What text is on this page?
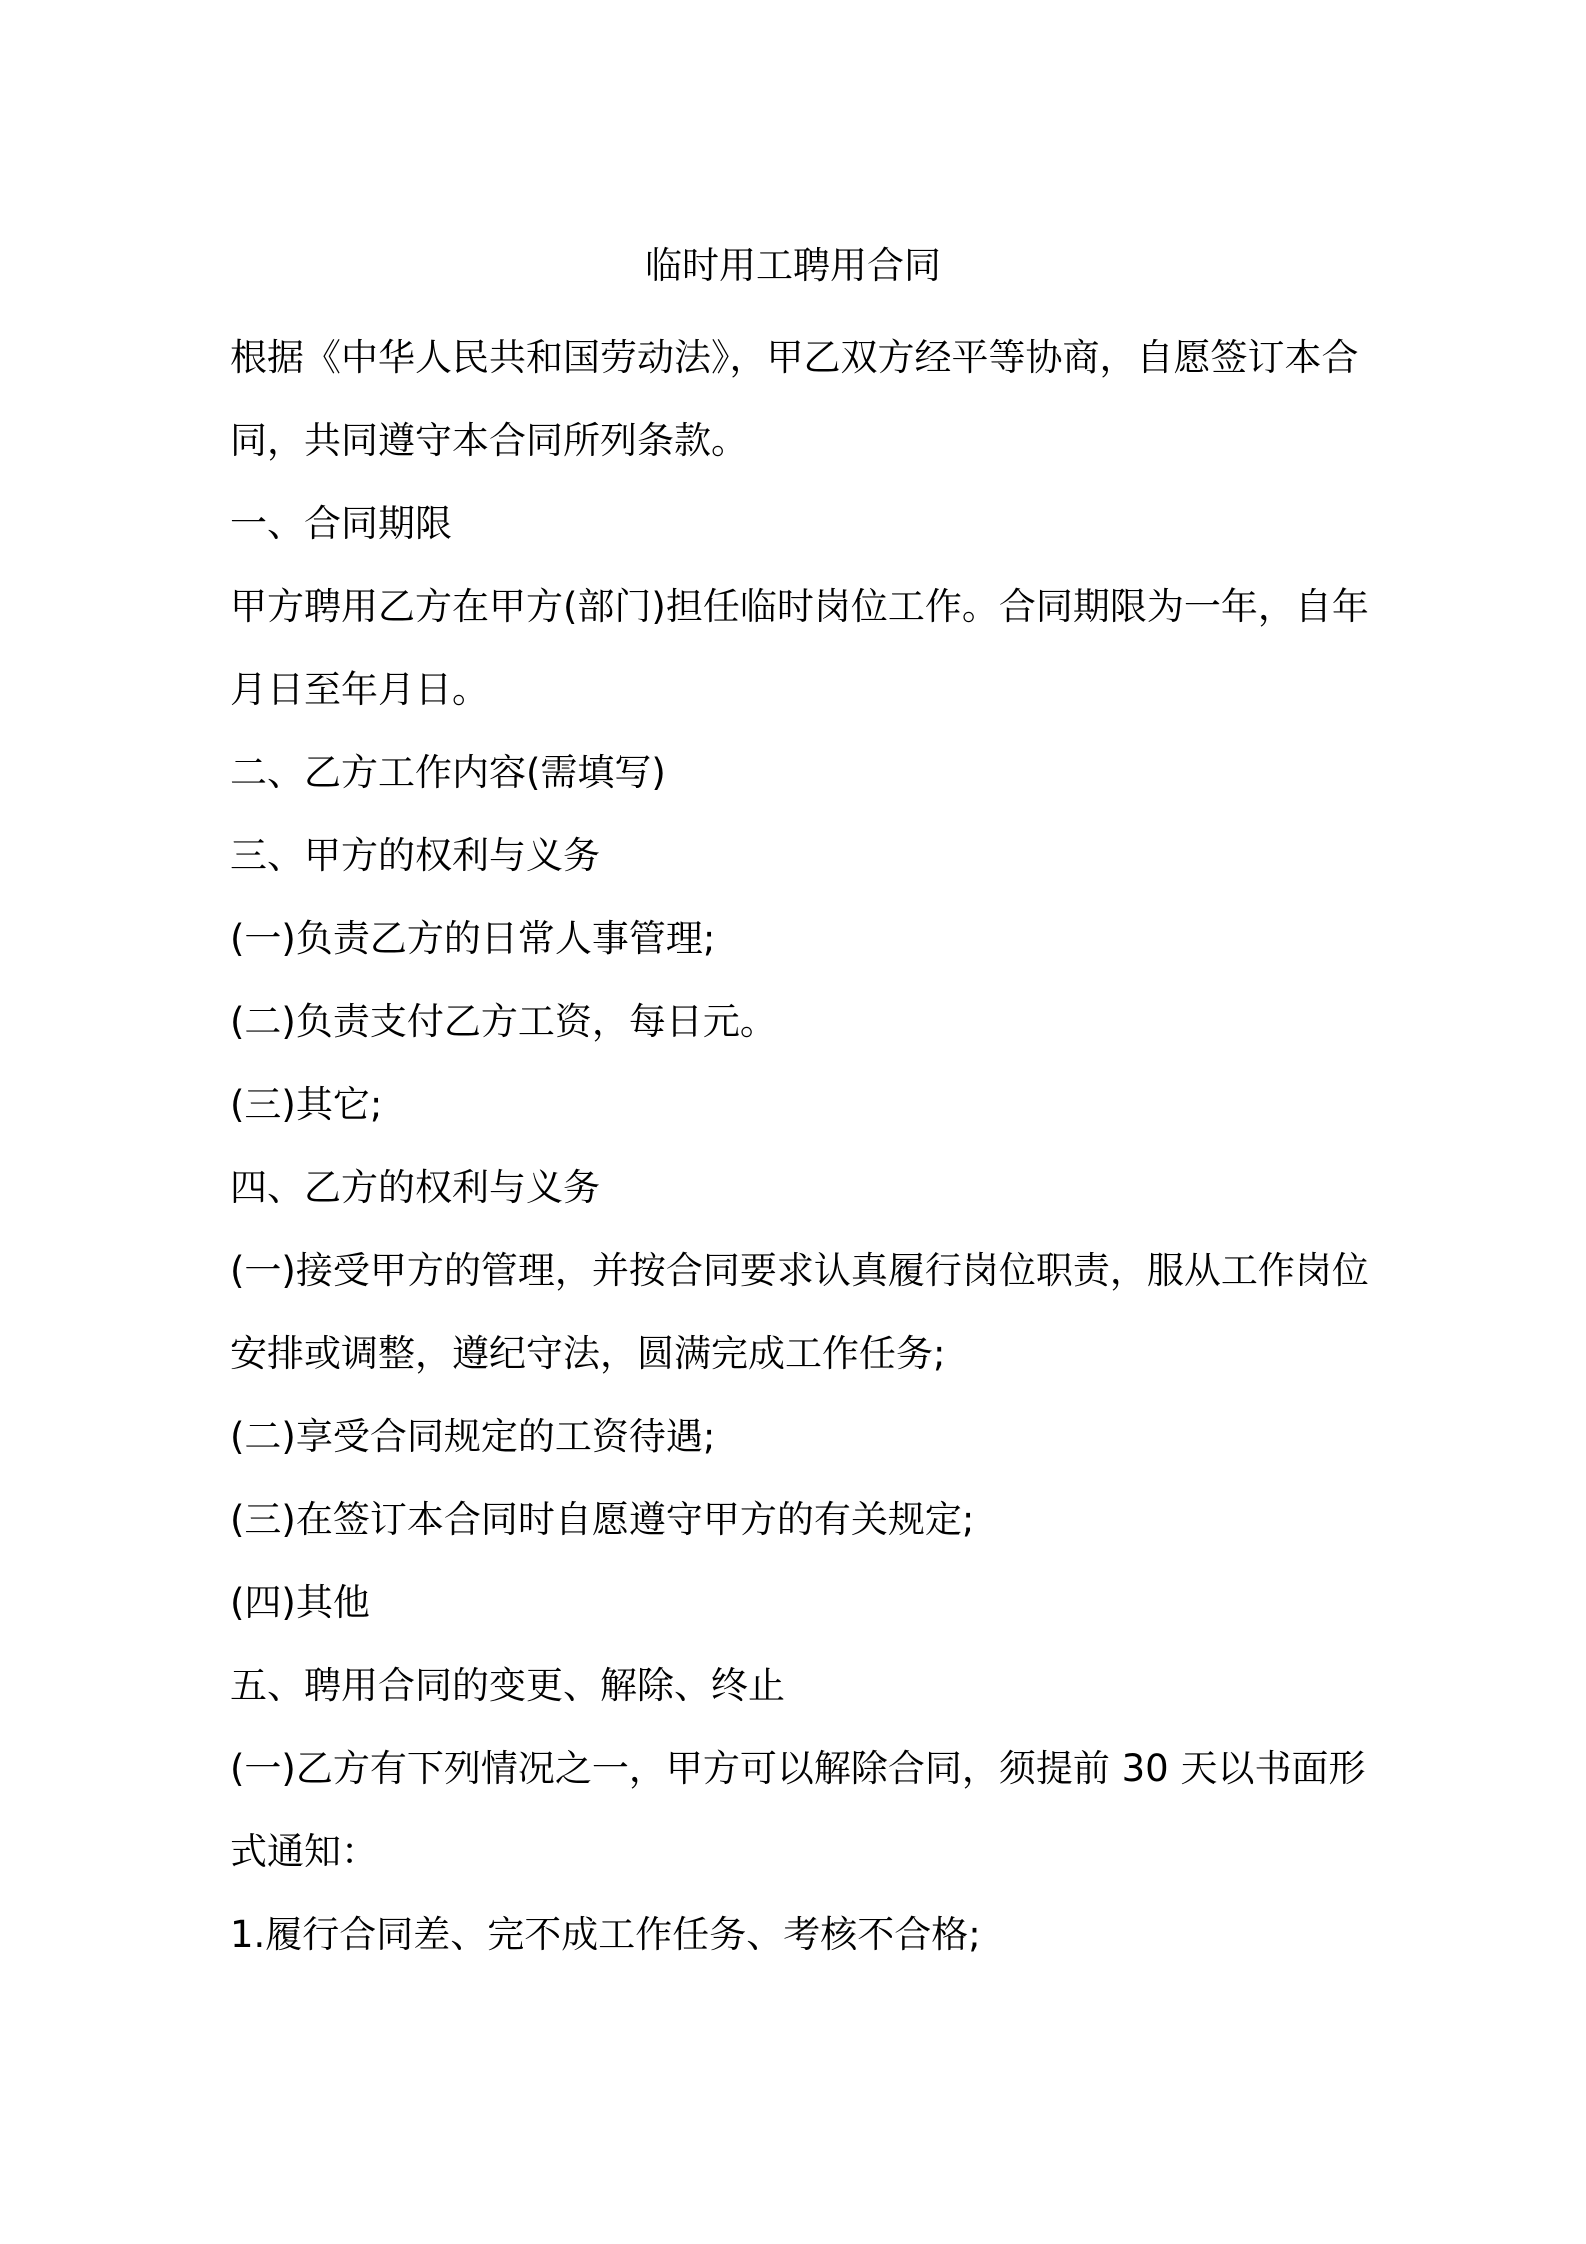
临时用工聘用合同

根据《中华人民共和国劳动法》，甲乙双方经平等协商，自愿签订本合同，共同遵守本合同所列条款。

一、合同期限

甲方聘用乙方在甲方(部门)担任临时岗位工作。合同期限为一年，自年月日至年月日。

二、乙方工作内容(需填写)

三、甲方的权利与义务

(一)负责乙方的日常人事管理;

(二)负责支付乙方工资，每日元。

(三)其它;

四、乙方的权利与义务

(一)接受甲方的管理，并按合同要求认真履行岗位职责，服从工作岗位安排或调整，遵纪守法，圆满完成工作任务;

(二)享受合同规定的工资待遇;

(三)在签订本合同时自愿遵守甲方的有关规定;

(四)其他

五、聘用合同的变更、解除、终止

(一)乙方有下列情况之一，甲方可以解除合同，须提前 30 天以书面形式通知：

1.履行合同差、完不成工作任务、考核不合格;
